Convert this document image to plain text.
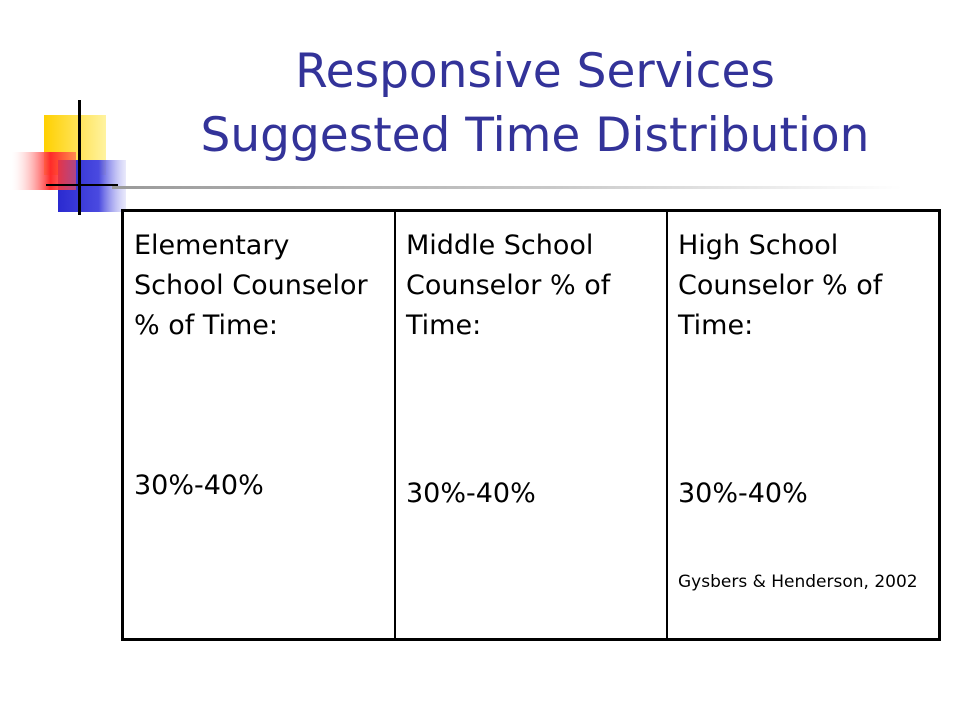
Responsive Services
Suggested Time Distribution
Elementary School Counselor % of Time:
30%-40%
Middle School Counselor % of Time:
30%-40%
High School Counselor % of Time:
30%-40%
Gysbers & Henderson, 2002
